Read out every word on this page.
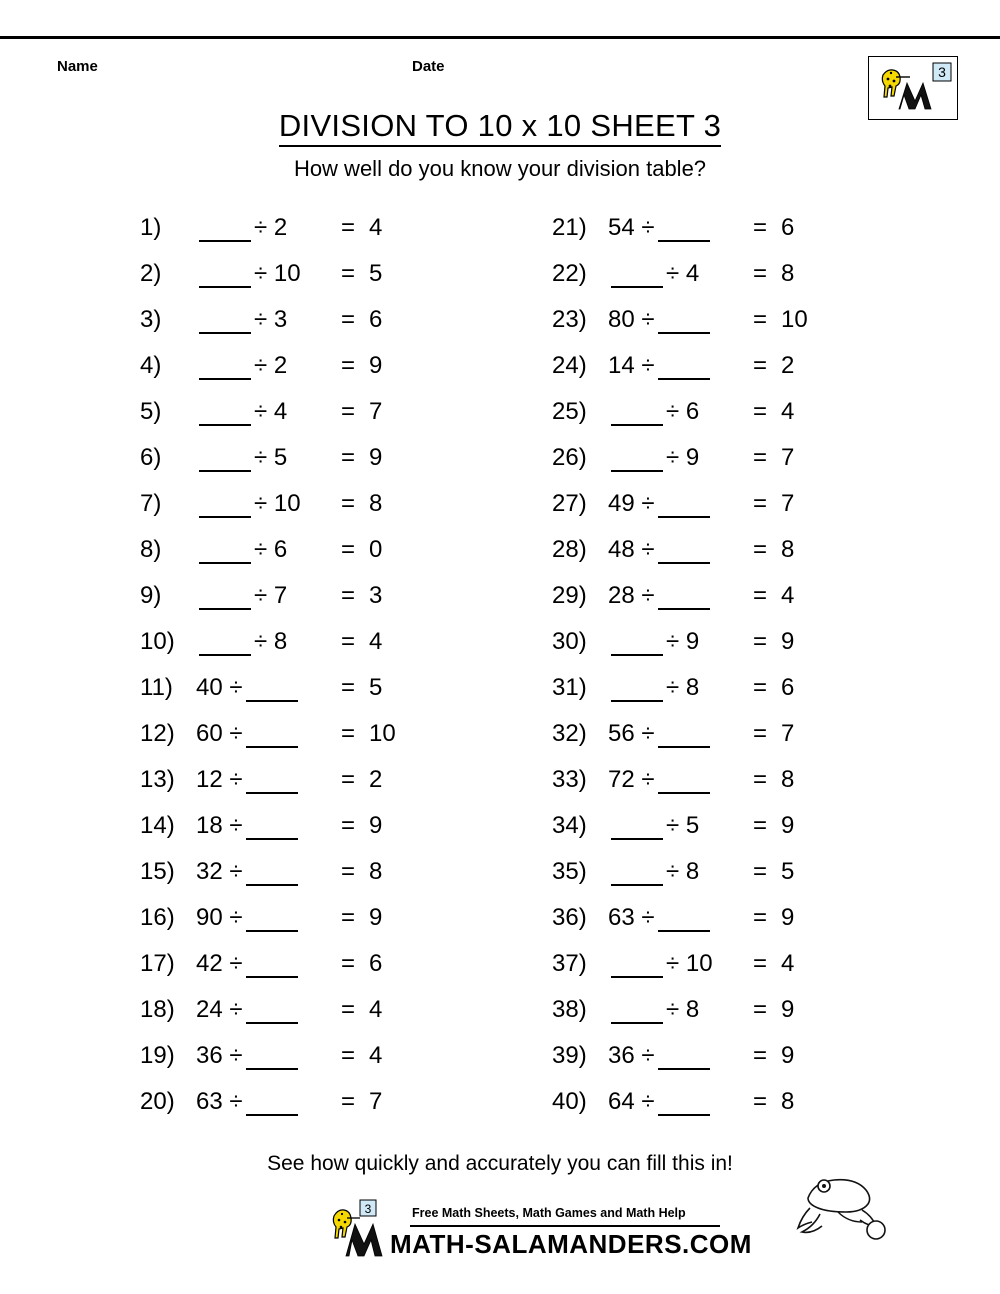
Name	Date	3
DIVISION TO 10 x 10 SHEET 3
How well do you know your division table?
1)	÷ 2 = 4
2)	÷ 10 = 5
3)	÷ 3 = 6
4)	÷ 2 = 9
5)	÷ 4 = 7
6)	÷ 5 = 9
7)	÷ 10 = 8
8)	÷ 6 = 0
9)	÷ 7 = 3
10)	÷ 8 = 4
11) 40 ÷	= 5
12) 60 ÷	= 10
13) 12 ÷	= 2
14) 18 ÷	= 9
15) 32 ÷	= 8
16) 90 ÷	= 9
17) 42 ÷	= 6
18) 24 ÷	= 4
19) 36 ÷	= 4
20) 63 ÷	= 7
21) 54 ÷	= 6
22)	÷ 4 = 8
23) 80 ÷	= 10
24) 14 ÷	= 2
25)	÷ 6 = 4
26)	÷ 9 = 7
27) 49 ÷	= 7
28) 48 ÷	= 8
29) 28 ÷	= 4
30)	÷ 9 = 9
31)	÷ 8 = 6
32) 56 ÷	= 7
33) 72 ÷	= 8
34)	÷ 5 = 9
35)	÷ 8 = 5
36) 63 ÷	= 9
37)	÷ 10 = 4
38)	÷ 8 = 9
39) 36 ÷	= 9
40) 64 ÷	= 8
See how quickly and accurately you can fill this in!
3	Free Math Sheets, Math Games and Math Help
MATH-SALAMANDERS.COM
